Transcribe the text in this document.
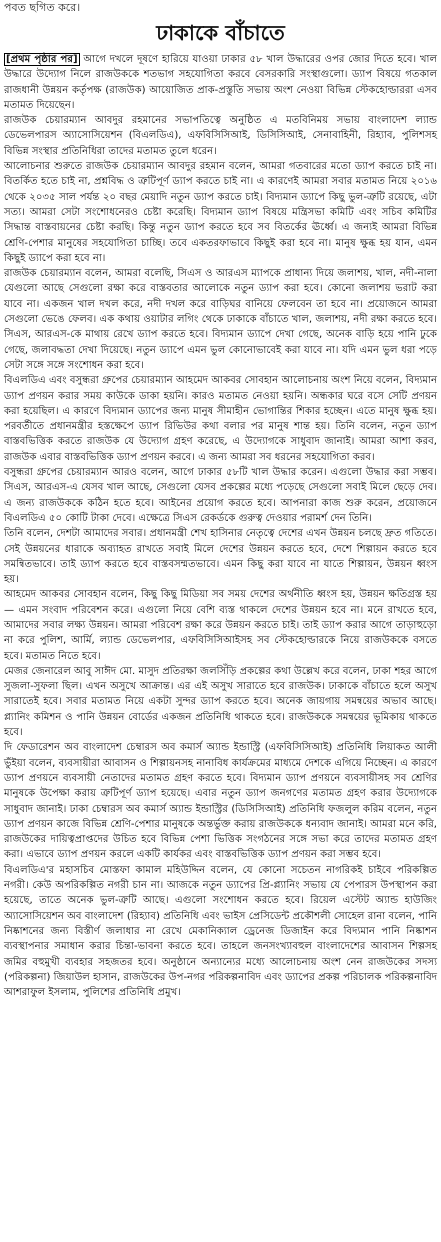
পবত ছগিত করে।
ঢাকাকে বাঁচাতে

[প্রথম পৃষ্ঠার পর] আগে দখলে দূষণে হারিয়ে যাওয়া ঢাকার ৫৮ খাল উদ্ধারের ওপর জোর দিতে হবে। খাল উদ্ধারে উদ্যোগ নিলে রাজউককে শতভাগ সহযোগিতা করবে বেসরকারি সংস্থাগুলো। ড্যাপ বিষয়ে গতকাল রাজধানী উন্নয়ন কর্তৃপক্ষ (রাজউক) আয়োজিত প্রাক-প্রস্তুতি সভায় অংশ নেওয়া বিভিন্ন স্টেকহোল্ডাররা এসব মতামত দিয়েছেন।

রাজউক চেয়ারম্যান আবদুর রহমানের সভাপতিত্বে অনুষ্ঠিত এ মতবিনিময় সভায় বাংলাদেশ ল্যান্ড ডেভেলপারস অ্যাসোসিয়েশন (বিএলডিএ), এফবিসিসিআই, ডিসিসিআই, সেনাবাহিনী, রিহ্যাব, পুলিশসহ বিভিন্ন সংস্থার প্রতিনিধিরা তাদের মতামত তুলে ধরেন।

আলোচনার শুরুতে রাজউক চেয়ারম্যান আবদুর রহমান বলেন, আমরা গতবারের মতো ড্যাপ করতে চাই না। বিতর্কিত হতে চাই না, প্রশ্নবিদ্ধ ও ত্রুটিপূর্ণ ড্যাপ করতে চাই না। এ কারণেই আমরা সবার মতামত নিয়ে ২০১৬ থেকে ২০৩৫ সাল পর্যন্ত ২০ বছর মেয়াদি নতুন ড্যাপ করতে চাই। বিদ্যমান ড্যাপে কিছু ভুল-ত্রুটি রয়েছে, এটা সত্য। আমরা সেটা সংশোধনেরও চেষ্টা করেছি। বিদ্যমান ড্যাপ বিষয়ে মন্ত্রিসভা কমিটি এবং সচিব কমিটির সিদ্ধান্ত বাস্তবায়নের চেষ্টা করছি। কিন্তু নতুন ড্যাপ করতে হবে সব বিতর্কের ঊর্ধ্বে। এ জন্যই আমরা বিভিন্ন শ্রেণি-পেশার মানুষের সহযোগিতা চাচ্ছি। তবে একতরফাভাবে কিছুই করা হবে না। মানুষ ক্ষুব্ধ হয় যান, এমন কিছুই ড্যাপে করা হবে না।

রাজউক চেয়ারম্যান বলেন, আমরা বলেছি, সিএস ও আরএস ম্যাপকে প্রাধান্য দিয়ে জলাশয়, খাল, নদী-নালা যেগুলো আছে সেগুলো রক্ষা করে বাস্তবতার আলোকে নতুন ড্যাপ করা হবে। কোনো জলাশয় ভরাট করা যাবে না। একজন খাল দখল করে, নদী দখল করে বাড়িঘর বানিয়ে ফেলবেন তা হবে না। প্রয়োজনে আমরা সেগুলো ভেঙে ফেলব। এক কথায় ওয়াটার লগিং থেকে ঢাকাকে বাঁচাতে খাল, জলাশয়, নদী রক্ষা করতে হবে। সিএস, আরএস-কে মাথায় রেখে ড্যাপ করতে হবে। বিদ্যমান ড্যাপে দেখা গেছে, অনেক বাড়ি হয়ে পানি ঢুকে গেছে, জলাবদ্ধতা দেখা দিয়েছে। নতুন ড্যাপে এমন ভুল কোনোভাবেই করা যাবে না। যদি এমন ভুল ধরা পড়ে সেটা সঙ্গে সঙ্গে সংশোধন করা হবে।

বিএলডিএ এবং বসুন্ধরা গ্রুপের চেয়ারম্যান আহমেদ আকবর সোবহান আলোচনায় অংশ নিয়ে বলেন, বিদ্যমান ড্যাপ প্রণয়ন করার সময় কাউকে ডাকা হয়নি। কারও মতামত নেওয়া হয়নি। অন্ধকার ঘরে বসে সেটি প্রণয়ন করা হয়েছিল। এ কারণে বিদ্যমান ড্যাপের জন্য মানুষ সীমাহীন ভোগান্তির শিকার হচ্ছেন। এতে মানুষ ক্ষুব্ধ হয়। পরবর্তীতে প্রধানমন্ত্রীর হস্তক্ষেপে ড্যাপ রিভিউর কথা বলার পর মানুষ শান্ত হয়। তিনি বলেন, নতুন ড্যাপ বাস্তবভিত্তিক করতে রাজউক যে উদ্যোগ গ্রহণ করেছে, এ উদ্যোগকে সাধুবাদ জানাই। আমরা আশা করব, রাজউক এবার বাস্তবভিত্তিক ড্যাপ প্রণয়ন করবে। এ জন্য আমরা সব ধরনের সহযোগিতা করব।

বসুন্ধরা গ্রুপের চেয়ারম্যান আরও বলেন, আগে ঢাকার ৫৮টি খাল উদ্ধার করেন। এগুলো উদ্ধার করা সম্ভব। সিএস, আরএস-এ যেসব খাল আছে, সেগুলো যেসব প্রকল্পের মধ্যে পড়েছে সেগুলো সবাই মিলে ছেড়ে দেব। এ জন্য রাজউককে কঠিন হতে হবে। আইনের প্রয়োগ করতে হবে। আপনারা কাজ শুরু করেন, প্রয়োজনে বিএলডিএ ৫০ কোটি টাকা দেবে। এক্ষেত্রে সিএস রেকর্ডকে গুরুত্ব দেওয়ার পরামর্শ দেন তিনি।

তিনি বলেন, দেশটা আমাদের সবার। প্রধানমন্ত্রী শেখ হাসিনার নেতৃত্বে দেশের এখন উন্নয়ন চলছে দ্রুত গতিতে। সেই উন্নয়নের ধারাকে অব্যাহত রাখতে সবাই মিলে দেশের উন্নয়ন করতে হবে, দেশে শিল্পায়ন করতে হবে সমন্বিতভাবে। তাই ড্যাপ করতে হবে বাস্তবসম্মতভাবে। এমন কিছু করা যাবে না যাতে শিল্পায়ন, উন্নয়ন ধ্বংস হয়।

আহমেদ আকবর সোবহান বলেন, কিছু কিছু মিডিয়া সব সময় দেশের অর্থনীতি ধ্বংস হয়, উন্নয়ন ক্ষতিগ্রস্ত হয়— এমন সংবাদ পরিবেশন করে। এগুলো নিয়ে বেশি ব্যস্ত থাকলে দেশের উন্নয়ন হবে না। মনে রাখতে হবে, আমাদের সবার লক্ষ্য উন্নয়ন। আমরা পরিবেশ রক্ষা করে উন্নয়ন করতে চাই। তাই ড্যাপ করার আগে তাড়াহুড়ো না করে পুলিশ, আর্মি, ল্যান্ড ডেভেলপার, এফবিসিসিআইসহ সব স্টেকহোল্ডারকে নিয়ে রাজউককে বসতে হবে। মতামত নিতে হবে।

মেজর জেনারেল আবু সাঈদ মো. মাসুদ প্রতিরক্ষা জলসিঁড়ি প্রকল্পের কথা উল্লেখ করে বলেন, ঢাকা শহর আগে সুজলা-সুফলা ছিল। এখন অসুখে আক্রান্ত। এর এই অসুখ সারাতে হবে রাজউক। ঢাকাকে বাঁচাতে হলে অসুখ সারাতেই হবে। সবার মতামত নিয়ে একটা সুন্দর ড্যাপ করতে হবে। অনেক জায়গায় সমন্বয়ের অভাব আছে। প্ল্যানিং কমিশন ও পানি উন্নয়ন বোর্ডের একজন প্রতিনিধি থাকতে হবে। রাজউককে সমন্বয়ের ভূমিকায় থাকতে হবে।

দি ফেডারেশন অব বাংলাদেশ চেম্বারস অব কমার্স অ্যান্ড ইন্ডাস্ট্রি (এফবিসিসিআই) প্রতিনিধি লিয়াকত আলী ভুঁইয়া বলেন, ব্যবসায়ীরা আবাসন ও শিল্পায়নসহ নানাবিধ কার্যক্রমের মাধ্যমে দেশকে এগিয়ে নিচ্ছেন। এ কারণে ড্যাপ প্রণয়নে ব্যবসায়ী নেতাদের মতামত গ্রহণ করতে হবে। বিদ্যমান ড্যাপ প্রণয়নে ব্যবসায়ীসহ সব শ্রেণির মানুষকে উপেক্ষা করায় ত্রুটিপূর্ণ ড্যাপ হয়েছে। এবার নতুন ড্যাপ জনগণের মতামত গ্রহণ করার উদ্যোগকে সাধুবাদ জানাই। ঢাকা চেম্বারস অব কমার্স অ্যান্ড ইন্ডাস্ট্রির (ডিসিসিআই) প্রতিনিধি ফজলুল করিম বলেন, নতুন ড্যাপ প্রণয়ন কাজে বিভিন্ন শ্রেণি-পেশার মানুষকে অন্তর্ভুক্ত করায় রাজউককে ধন্যবাদ জানাই। আমরা মনে করি, রাজউকের দায়িত্বপ্রাপ্তদের উচিত হবে বিভিন্ন পেশা ভিত্তিক সংগঠনের সঙ্গে সভা করে তাদের মতামত গ্রহণ করা। এভাবে ড্যাপ প্রণয়ন করলে একটি কার্যকর এবং বাস্তবভিত্তিক ড্যাপ প্রণয়ন করা সম্ভব হবে।

বিএলডিএ'র মহাসচিব মোস্তফা কামাল মহিউদ্দিন বলেন, যে কোনো সচেতন নাগরিকই চাইবে পরিকল্পিত নগরী। কেউ অপরিকল্পিত নগরী চান না। আজকে নতুন ড্যাপের প্রি-প্ল্যানিং সভায় যে পেপারস উপস্থাপন করা হয়েছে, তাতে অনেক ভুল-ত্রুটি আছে। এগুলো সংশোধন করতে হবে। রিয়েল এস্টেট অ্যান্ড হাউজিং অ্যাসোসিয়েশন অব বাংলাদেশ (রিহ্যাব) প্রতিনিধি এবং ভাইস প্রেসিডেন্ট প্রকৌশলী সোহেল রানা বলেন, পানি নিষ্কাশনের জন্য বিস্তীর্ণ জলাধার না রেখে মেকানিক্যাল ড্রেনেজ ডিজাইন করে বিদ্যমান পানি নিষ্কাশন ব্যবস্থাপনার সমাধান করার চিন্তা-ভাবনা করতে হবে। তাহলে জনসংখ্যাবহুল বাংলাদেশের আবাসন শিল্পসহ জমির বহুমুখী ব্যবহার সহজতর হবে। অনুষ্ঠানে অন্যান্যের মধ্যে আলোচনায় অংশ নেন রাজউকের সদস্য (পরিকল্পনা) জিয়াউল হাসান, রাজউকের উপ-নগর পরিকল্পনাবিদ এবং ড্যাপের প্রকল্প পরিচালক পরিকল্পনাবিদ আশরাফুল ইসলাম, পুলিশের প্রতিনিধি প্রমুখ।
